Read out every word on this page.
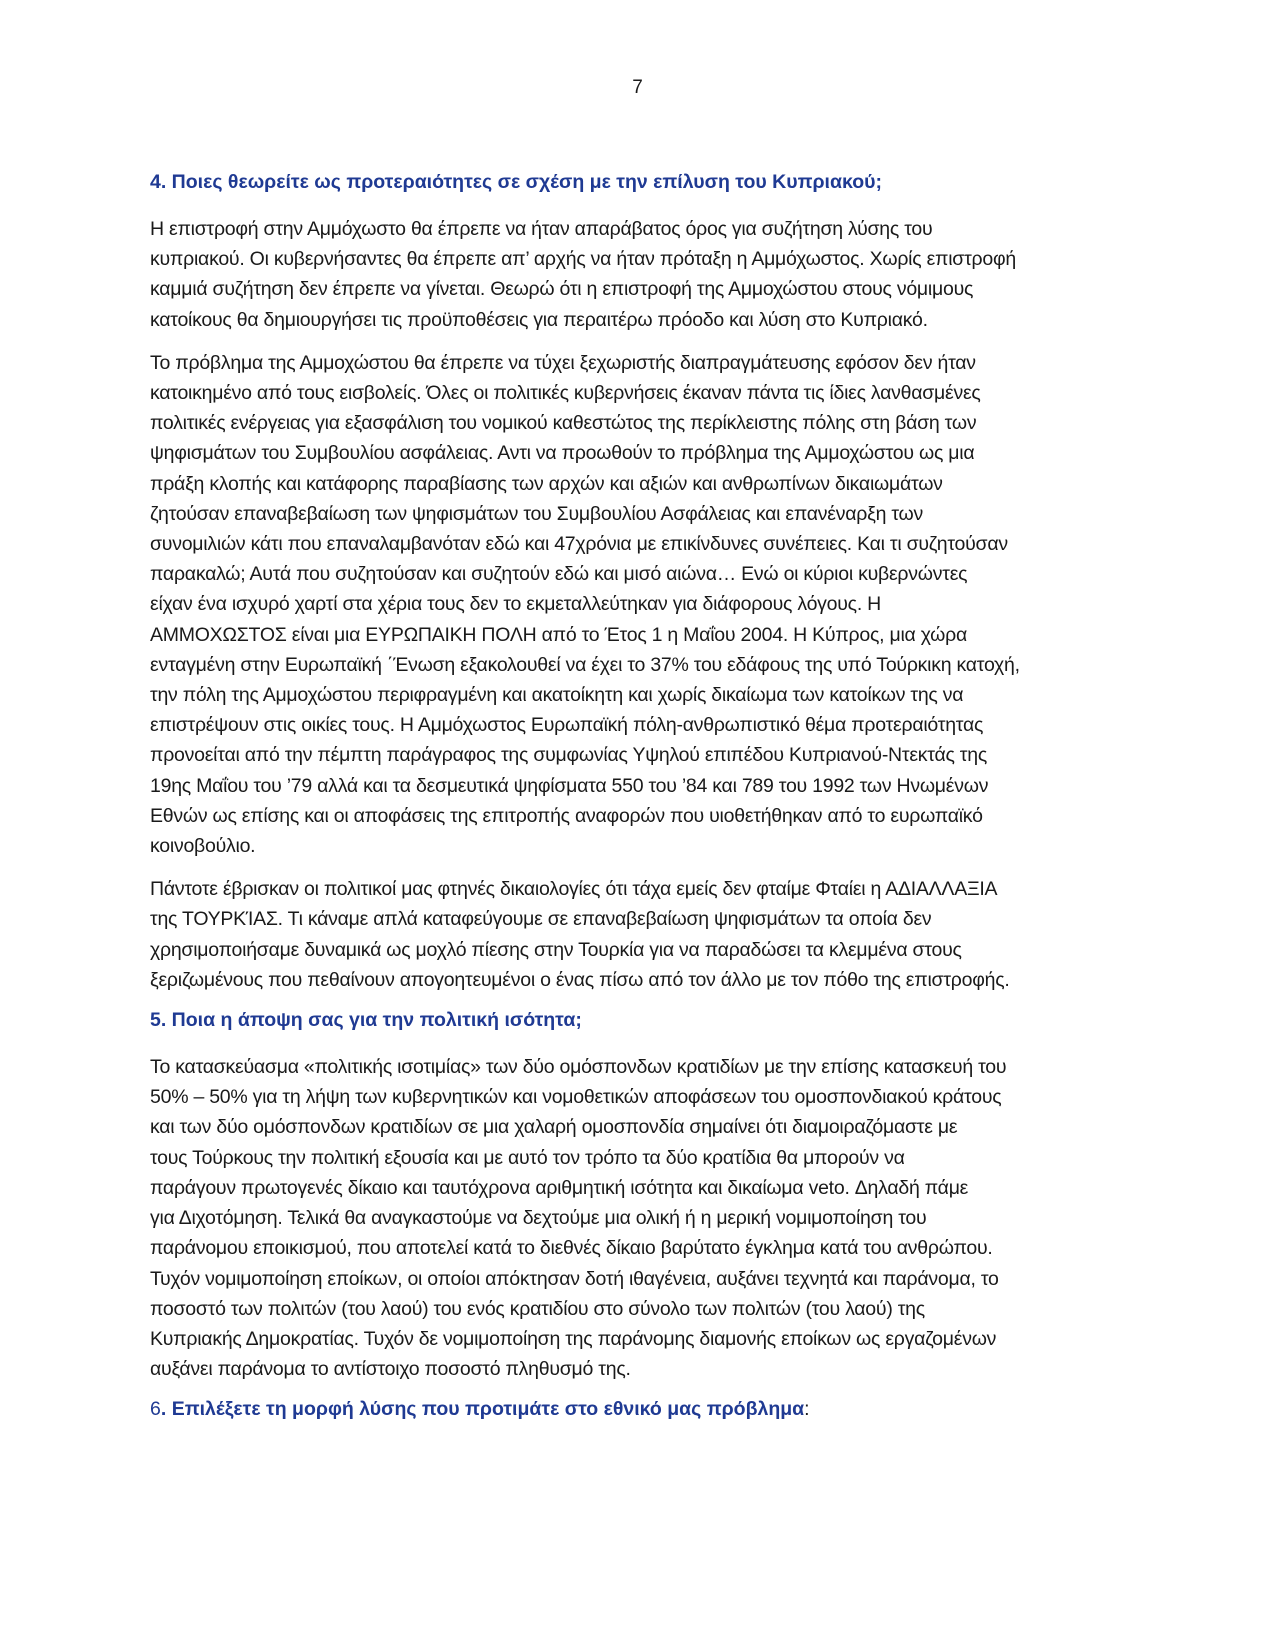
7
4. Ποιες θεωρείτε ως προτεραιότητες σε σχέση με την επίλυση του Κυπριακού;
Η επιστροφή στην Αμμόχωστο θα έπρεπε να ήταν απαράβατος όρος για συζήτηση λύσης του
κυπριακού. Οι κυβερνήσαντες θα έπρεπε απ’ αρχής να ήταν πρόταξη η Αμμόχωστος. Χωρίς επιστροφή
καμμιά συζήτηση δεν έπρεπε να γίνεται. Θεωρώ ότι η επιστροφή της Αμμοχώστου στους νόμιμους
κατοίκους θα δημιουργήσει τις προϋποθέσεις για περαιτέρω πρόοδο και λύση στο Κυπριακό.
Το πρόβλημα της Αμμοχώστου θα έπρεπε να τύχει ξεχωριστής διαπραγμάτευσης εφόσον δεν ήταν
κατοικημένο από τους εισβολείς. Όλες οι πολιτικές κυβερνήσεις έκαναν πάντα τις ίδιες λανθασμένες
πολιτικές ενέργειας για εξασφάλιση του νομικού καθεστώτος της περίκλειστης πόλης στη βάση των
ψηφισμάτων του Συμβουλίου ασφάλειας. Αντι να προωθούν το πρόβλημα της Αμμοχώστου ως μια
πράξη κλοπής και κατάφορης παραβίασης των αρχών και αξιών και ανθρωπίνων δικαιωμάτων
ζητούσαν επαναβεβαίωση των ψηφισμάτων του Συμβουλίου Ασφάλειας και επανέναρξη των
συνομιλιών κάτι που επαναλαμβανόταν εδώ και 47χρόνια με επικίνδυνες συνέπειες. Και τι συζητούσαν
παρακαλώ; Αυτά που συζητούσαν και συζητούν εδώ και μισό αιώνα… Ενώ οι κύριοι κυβερνώντες
είχαν ένα ισχυρό χαρτί στα χέρια τους δεν το εκμεταλλεύτηκαν για διάφορους λόγους. Η
ΑΜΜΟΧΩΣΤΟΣ είναι μια ΕΥΡΩΠΑΙΚΗ ΠΟΛΗ από το Έτος 1 η Μαΐου 2004. Η Κύπρος, μια χώρα
ενταγμένη στην Ευρωπαϊκή ΄Ένωση εξακολουθεί να έχει το 37% του εδάφους της υπό Τούρκικη κατοχή,
την πόλη της Αμμοχώστου περιφραγμένη και ακατοίκητη και χωρίς δικαίωμα των κατοίκων της να
επιστρέψουν στις οικίες τους. Η Αμμόχωστος Ευρωπαϊκή πόλη-ανθρωπιστικό θέμα προτεραιότητας
προνοείται από την πέμπτη παράγραφος της συμφωνίας Υψηλού επιπέδου Κυπριανού-Ντεκτάς της
19ης Μαΐου του ’79 αλλά και τα δεσμευτικά ψηφίσματα 550 του ’84 και 789 του 1992 των Ηνωμένων
Εθνών ως επίσης και οι αποφάσεις της επιτροπής αναφορών που υιοθετήθηκαν από το ευρωπαϊκό
κοινοβούλιο.
Πάντοτε έβρισκαν οι πολιτικοί μας φτηνές δικαιολογίες ότι τάχα εμείς δεν φταίμε Φταίει η ΑΔΙΑΛΛΑΞΙΑ
της ΤΟΥΡΚΊΑΣ. Τι κάναμε απλά καταφεύγουμε σε επαναβεβαίωση ψηφισμάτων τα οποία δεν
χρησιμοποιήσαμε δυναμικά ως μοχλό πίεσης στην Τουρκία για να παραδώσει τα κλεμμένα στους
ξεριζωμένους που πεθαίνουν απογοητευμένοι ο ένας πίσω από τον άλλο με τον πόθο της επιστροφής.
5. Ποια η άποψη σας για την πολιτική ισότητα;
Το κατασκεύασμα «πολιτικής ισοτιμίας» των δύο ομόσπονδων κρατιδίων με την επίσης κατασκευή του
50% – 50% για τη λήψη των κυβερνητικών και νομοθετικών αποφάσεων του ομοσπονδιακού κράτους
και των δύο ομόσπονδων κρατιδίων σε μια χαλαρή ομοσπονδία σημαίνει ότι διαμοιραζόμαστε με
τους Τούρκους την πολιτική εξουσία και με αυτό τον τρόπο τα δύο κρατίδια θα μπορούν να
παράγουν πρωτογενές δίκαιο και ταυτόχρονα αριθμητική ισότητα και δικαίωμα veto. Δηλαδή πάμε
για Διχοτόμηση. Τελικά θα αναγκαστούμε να δεχτούμε μια ολική ή η μερική νομιμοποίηση του
παράνομου εποικισμού, που αποτελεί κατά το διεθνές δίκαιο βαρύτατο έγκλημα κατά του ανθρώπου.
Τυχόν νομιμοποίηση εποίκων, οι οποίοι απόκτησαν δοτή ιθαγένεια, αυξάνει τεχνητά και παράνομα, το
ποσοστό των πολιτών (του λαού) του ενός κρατιδίου στο σύνολο των πολιτών (του λαού) της
Κυπριακής Δημοκρατίας. Τυχόν δε νομιμοποίηση της παράνομης διαμονής εποίκων ως εργαζομένων
αυξάνει παράνομα το αντίστοιχο ποσοστό πληθυσμό της.
6. Επιλέξετε τη μορφή λύσης που προτιμάτε στο εθνικό μας πρόβλημα:
